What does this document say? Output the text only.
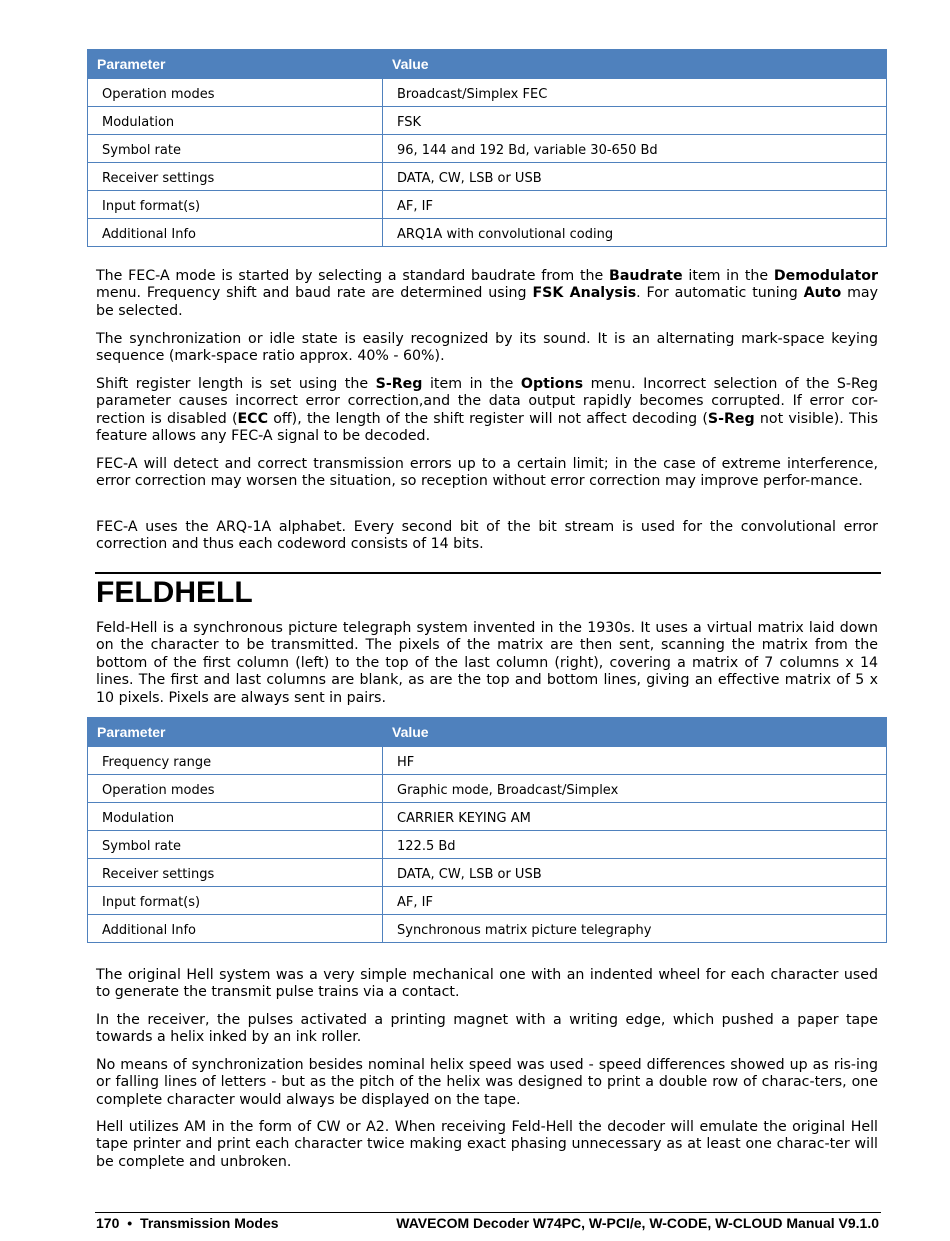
Parameter	Value
Operation modes	Broadcast/Simplex FEC
Modulation	FSK
Symbol rate	96, 144 and 192 Bd, variable 30-650 Bd
Receiver settings	DATA, CW, LSB or USB
Input format(s)	AF, IF
Additional Info	ARQ1A with convolutional coding

The FEC-A mode is started by selecting a standard baudrate from the Baudrate item in the Demodulator menu. Frequency shift and baud rate are determined using FSK Analysis. For automatic tuning Auto may be selected.

The synchronization or idle state is easily recognized by its sound. It is an alternating mark-space keying sequence (mark-space ratio approx. 40% - 60%).

Shift register length is set using the S-Reg item in the Options menu. Incorrect selection of the S-Reg parameter causes incorrect error correction,and the data output rapidly becomes corrupted. If error cor-rection is disabled (ECC off), the length of the shift register will not affect decoding (S-Reg not visible). This feature allows any FEC-A signal to be decoded.

FEC-A will detect and correct transmission errors up to a certain limit; in the case of extreme interference, error correction may worsen the situation, so reception without error correction may improve perfor-mance.

FEC-A uses the ARQ-1A alphabet. Every second bit of the bit stream is used for the convolutional error correction and thus each codeword consists of 14 bits.

FELDHELL

Feld-Hell is a synchronous picture telegraph system invented in the 1930s. It uses a virtual matrix laid down on the character to be transmitted. The pixels of the matrix are then sent, scanning the matrix from the bottom of the first column (left) to the top of the last column (right), covering a matrix of 7 columns x 14 lines. The first and last columns are blank, as are the top and bottom lines, giving an effective matrix of 5 x 10 pixels. Pixels are always sent in pairs.

Parameter	Value
Frequency range	HF
Operation modes	Graphic mode, Broadcast/Simplex
Modulation	CARRIER KEYING AM
Symbol rate	122.5 Bd
Receiver settings	DATA, CW, LSB or USB
Input format(s)	AF, IF
Additional Info	Synchronous matrix picture telegraphy

The original Hell system was a very simple mechanical one with an indented wheel for each character used to generate the transmit pulse trains via a contact.

In the receiver, the pulses activated a printing magnet with a writing edge, which pushed a paper tape towards a helix inked by an ink roller.

No means of synchronization besides nominal helix speed was used - speed differences showed up as ris-ing or falling lines of letters - but as the pitch of the helix was designed to print a double row of charac-ters, one complete character would always be displayed on the tape.

Hell utilizes AM in the form of CW or A2. When receiving Feld-Hell the decoder will emulate the original Hell tape printer and print each character twice making exact phasing unnecessary as at least one charac-ter will be complete and unbroken.

170 • Transmission Modes	WAVECOM Decoder W74PC, W-PCI/e, W-CODE, W-CLOUD Manual V9.1.0
